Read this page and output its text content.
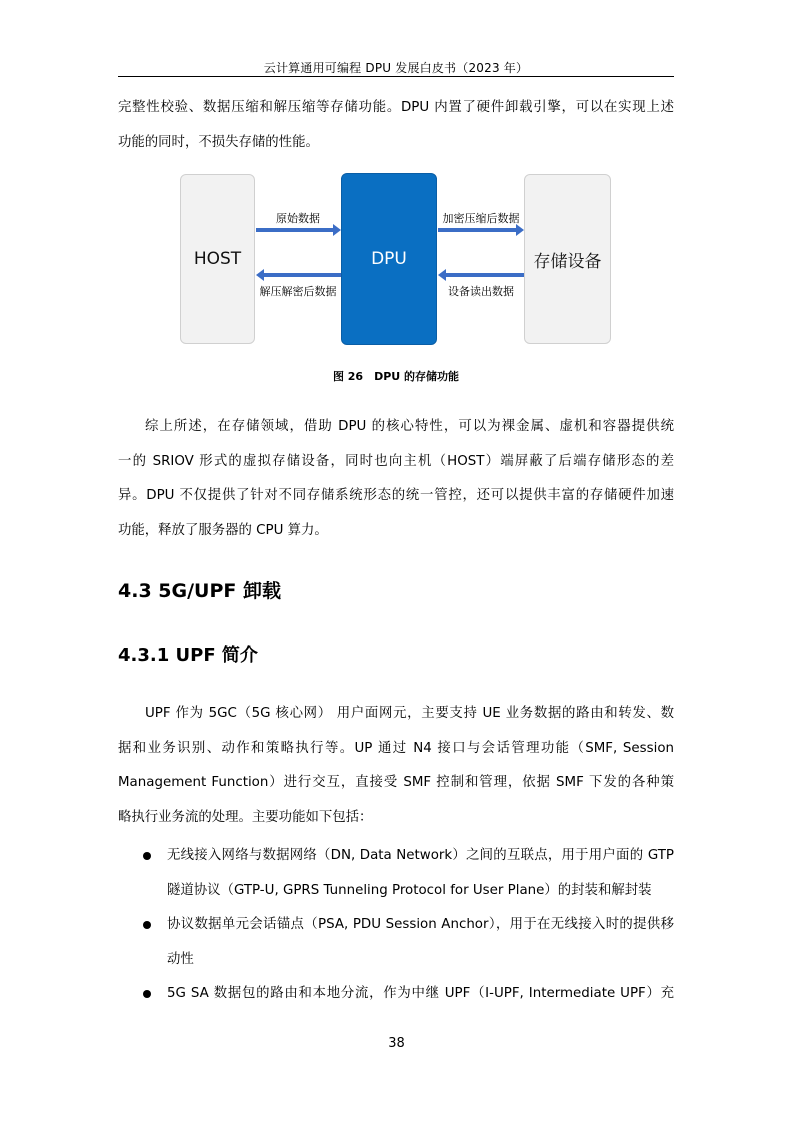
云计算通用可编程 DPU 发展白皮书（2023 年）
完整性校验、数据压缩和解压缩等存储功能。DPU 内置了硬件卸载引擎，可以在实现上述
功能的同时，不损失存储的性能。
HOST	DPU	存储设备
原始数据
解压解密后数据
加密压缩后数据
设备读出数据
图 26　DPU 的存储功能
综上所述，在存储领域，借助 DPU 的核心特性，可以为裸金属、虚机和容器提供统
一的 SRIOV 形式的虚拟存储设备，同时也向主机（HOST）端屏蔽了后端存储形态的差
异。DPU 不仅提供了针对不同存储系统形态的统一管控，还可以提供丰富的存储硬件加速
功能，释放了服务器的 CPU 算力。
4.3 5G/UPF 卸载
4.3.1 UPF 简介
UPF 作为 5GC（5G 核心网） 用户面网元，主要支持 UE 业务数据的路由和转发、数
据和业务识别、动作和策略执行等。UP 通过 N4 接口与会话管理功能（SMF, Session
Management Function）进行交互，直接受 SMF 控制和管理，依据 SMF 下发的各种策
略执行业务流的处理。主要功能如下包括：
无线接入网络与数据网络（DN, Data Network）之间的互联点，用于用户面的 GTP
隧道协议（GTP-U, GPRS Tunneling Protocol for User Plane）的封装和解封装
协议数据单元会话锚点（PSA, PDU Session Anchor），用于在无线接入时的提供移
动性
5G SA 数据包的路由和本地分流，作为中继 UPF（I-UPF, Intermediate UPF）充
38
